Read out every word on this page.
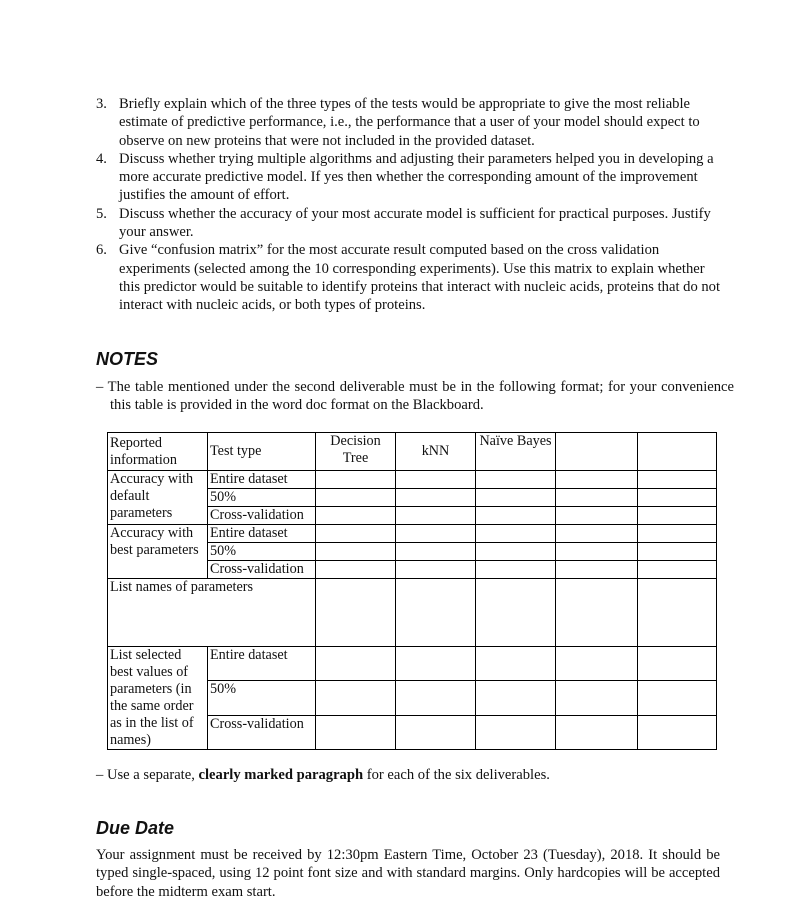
3. Briefly explain which of the three types of the tests would be appropriate to give the most reliable estimate of predictive performance, i.e., the performance that a user of your model should expect to observe on new proteins that were not included in the provided dataset.
4. Discuss whether trying multiple algorithms and adjusting their parameters helped you in developing a more accurate predictive model. If yes then whether the corresponding amount of the improvement justifies the amount of effort.
5. Discuss whether the accuracy of your most accurate model is sufficient for practical purposes. Justify your answer.
6. Give “confusion matrix” for the most accurate result computed based on the cross validation experiments (selected among the 10 corresponding experiments). Use this matrix to explain whether this predictor would be suitable to identify proteins that interact with nucleic acids, proteins that do not interact with nucleic acids, or both types of proteins.
NOTES
– The table mentioned under the second deliverable must be in the following format; for your convenience this table is provided in the word doc format on the Blackboard.
Reported information	Test type	Decision Tree	kNN	Naïve Bayes		
Accuracy with default parameters	Entire dataset					
	50%					
	Cross-validation					
Accuracy with best parameters	Entire dataset					
	50%					
	Cross-validation					
List names of parameters						
List selected best values of parameters (in the same order as in the list of names)	Entire dataset					
	50%					
	Cross-validation					
– Use a separate, clearly marked paragraph for each of the six deliverables.
Due Date
Your assignment must be received by 12:30pm Eastern Time, October 23 (Tuesday), 2018. It should be typed single-spaced, using 12 point font size and with standard margins. Only hardcopies will be accepted before the midterm exam start.
